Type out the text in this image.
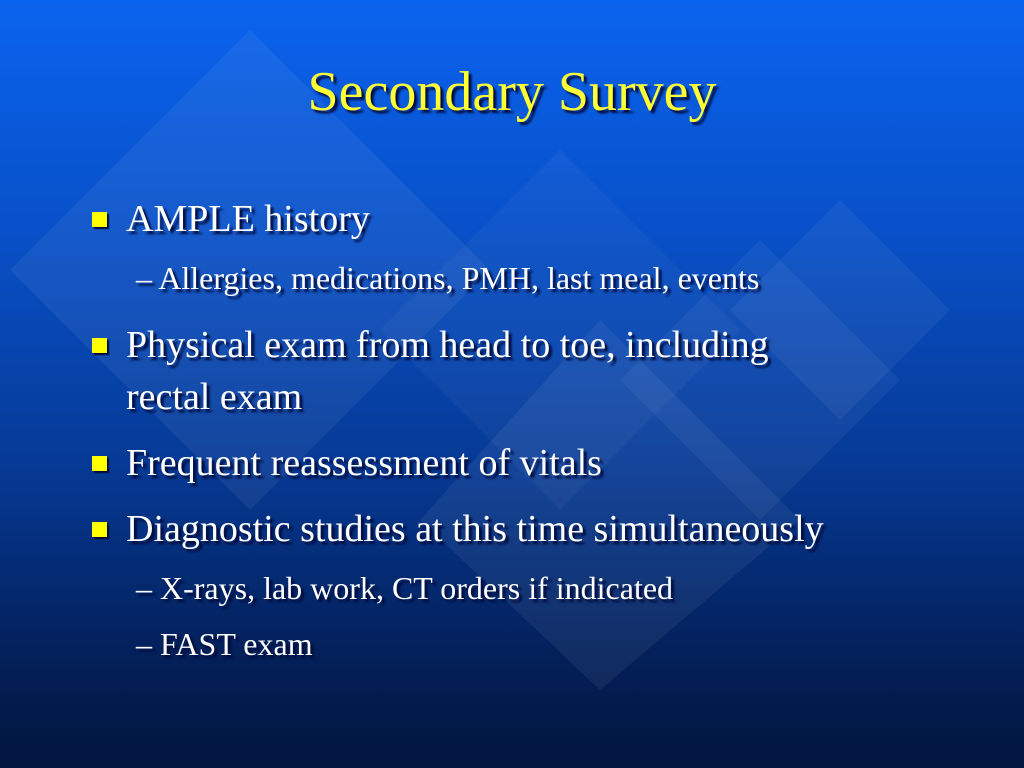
Secondary Survey
AMPLE history
– Allergies, medications, PMH, last meal, events
Physical exam from head to toe, including
rectal exam
Frequent reassessment of vitals
Diagnostic studies at this time simultaneously
– X-rays, lab work, CT orders if indicated
– FAST exam
